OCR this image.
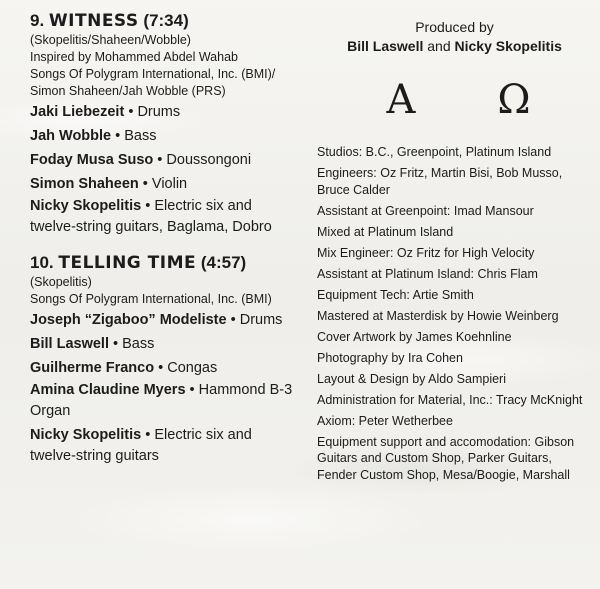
9. WITNESS (7:34)
(Skopelitis/Shaheen/Wobble)
Inspired by Mohammed Abdel Wahab
Songs Of Polygram International, Inc. (BMI)/
Simon Shaheen/Jah Wobble (PRS)
Jaki Liebezeit • Drums
Jah Wobble • Bass
Foday Musa Suso • Doussongoni
Simon Shaheen • Violin
Nicky Skopelitis • Electric six and twelve-string guitars, Baglama, Dobro
10. TELLING TIME (4:57)
(Skopelitis)
Songs Of Polygram International, Inc. (BMI)
Joseph “Zigaboo” Modeliste • Drums
Bill Laswell • Bass
Guilherme Franco • Congas
Amina Claudine Myers • Hammond B-3 Organ
Nicky Skopelitis • Electric six and twelve-string guitars
Produced by
Bill Laswell and Nicky Skopelitis
Α Ω
Studios: B.C., Greenpoint, Platinum Island
Engineers: Oz Fritz, Martin Bisi, Bob Musso, Bruce Calder
Assistant at Greenpoint: Imad Mansour
Mixed at Platinum Island
Mix Engineer: Oz Fritz for High Velocity
Assistant at Platinum Island: Chris Flam
Equipment Tech: Artie Smith
Mastered at Masterdisk by Howie Weinberg
Cover Artwork by James Koehnline
Photography by Ira Cohen
Layout & Design by Aldo Sampieri
Administration for Material, Inc.: Tracy McKnight
Axiom: Peter Wetherbee
Equipment support and accomodation: Gibson Guitars and Custom Shop, Parker Guitars, Fender Custom Shop, Mesa/Boogie, Marshall
